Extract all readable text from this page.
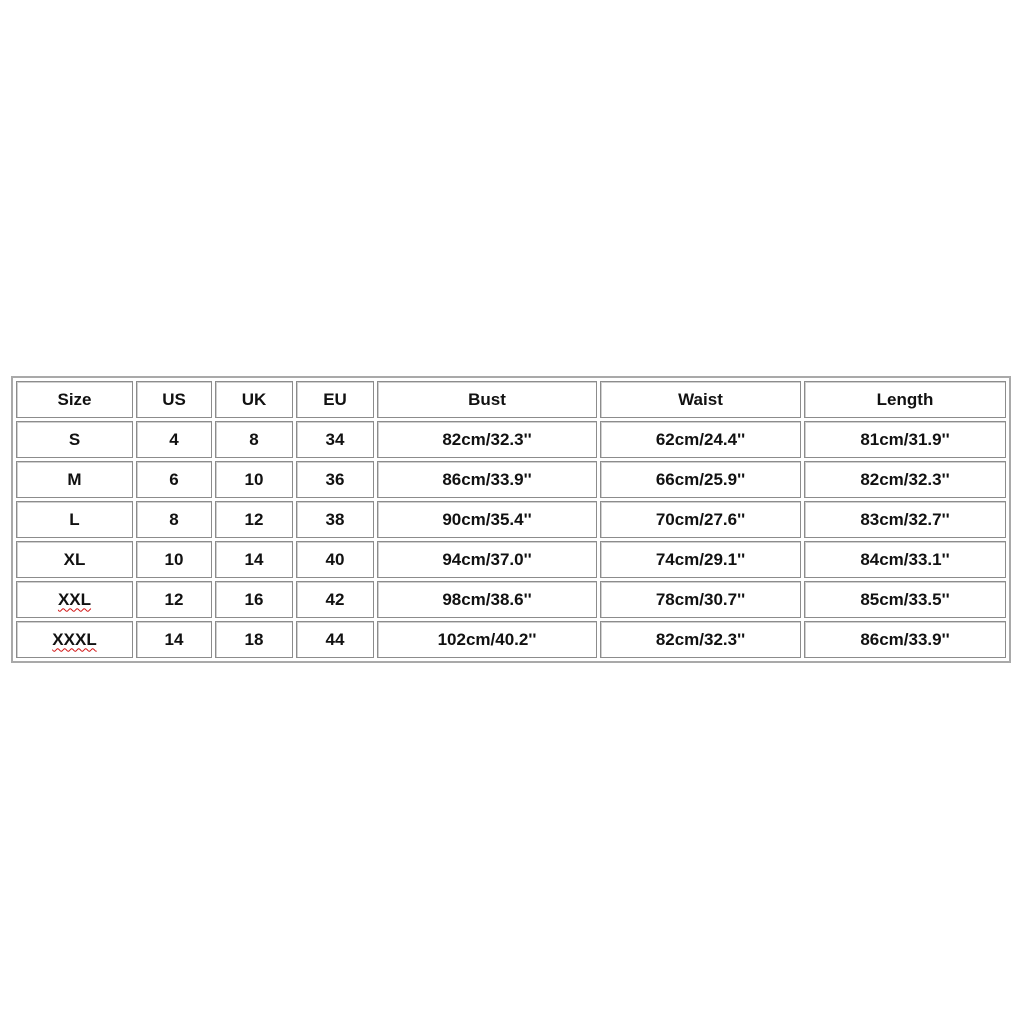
Size	US	UK	EU	Bust	Waist	Length
S	4	8	34	82cm/32.3''	62cm/24.4''	81cm/31.9''
M	6	10	36	86cm/33.9''	66cm/25.9''	82cm/32.3''
L	8	12	38	90cm/35.4''	70cm/27.6''	83cm/32.7''
XL	10	14	40	94cm/37.0''	74cm/29.1''	84cm/33.1''
XXL	12	16	42	98cm/38.6''	78cm/30.7''	85cm/33.5''
XXXL	14	18	44	102cm/40.2''	82cm/32.3''	86cm/33.9''
